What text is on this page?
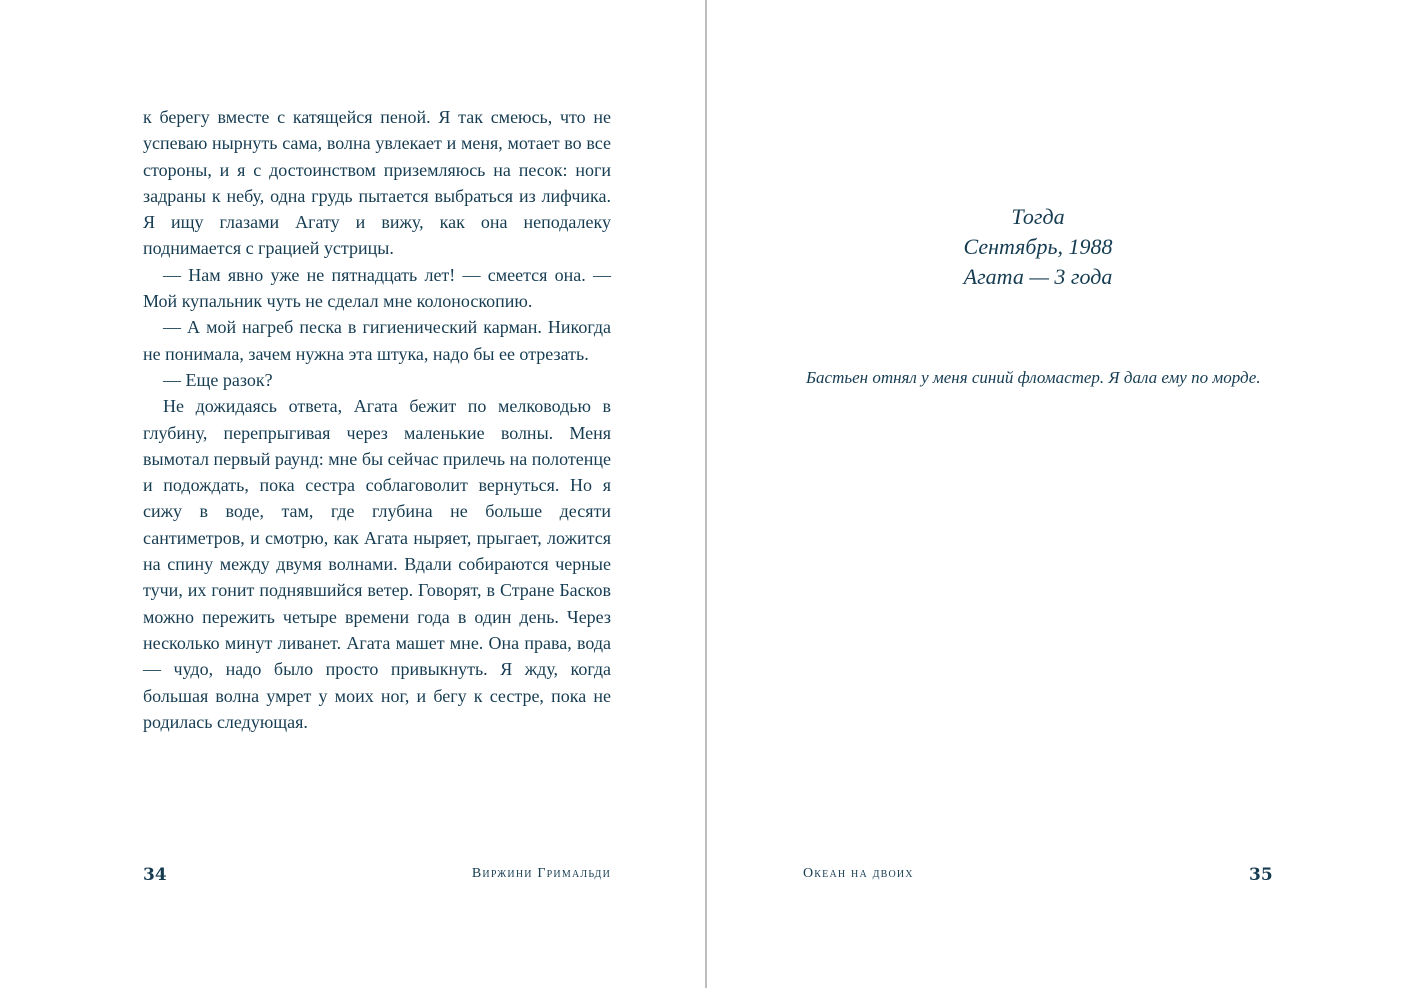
к берегу вместе с катящейся пеной. Я так смеюсь, что не успеваю нырнуть сама, волна увлекает и меня, мотает во все стороны, и я с достоинством приземляюсь на песок: ноги задраны к небу, одна грудь пытается выбраться из лифчика. Я ищу глазами Агату и вижу, как она неподалеку поднимается с грацией устрицы.

— Нам явно уже не пятнадцать лет! — смеется она. — Мой купальник чуть не сделал мне колоноскопию.

— А мой нагреб песка в гигиенический карман. Никогда не понимала, зачем нужна эта штука, надо бы ее отрезать.

— Еще разок?

Не дожидаясь ответа, Агата бежит по мелководью в глубину, перепрыгивая через маленькие волны. Меня вымотал первый раунд: мне бы сейчас прилечь на полотенце и подождать, пока сестра соблаговолит вернуться. Но я сижу в воде, там, где глубина не больше десяти сантиметров, и смотрю, как Агата ныряет, прыгает, ложится на спину между двумя волнами. Вдали собираются черные тучи, их гонит поднявшийся ветер. Говорят, в Стране Басков можно пережить четыре времени года в один день. Через несколько минут ливанет. Агата машет мне. Она права, вода — чудо, надо было просто привыкнуть. Я жду, когда большая волна умрет у моих ног, и бегу к сестре, пока не родилась следующая.

34	Виржини Гримальди
Тогда
Сентябрь, 1988
Агата — 3 года
Бастьен отнял у меня синий фломастер. Я дала ему по морде.
Океан на двоих	35
